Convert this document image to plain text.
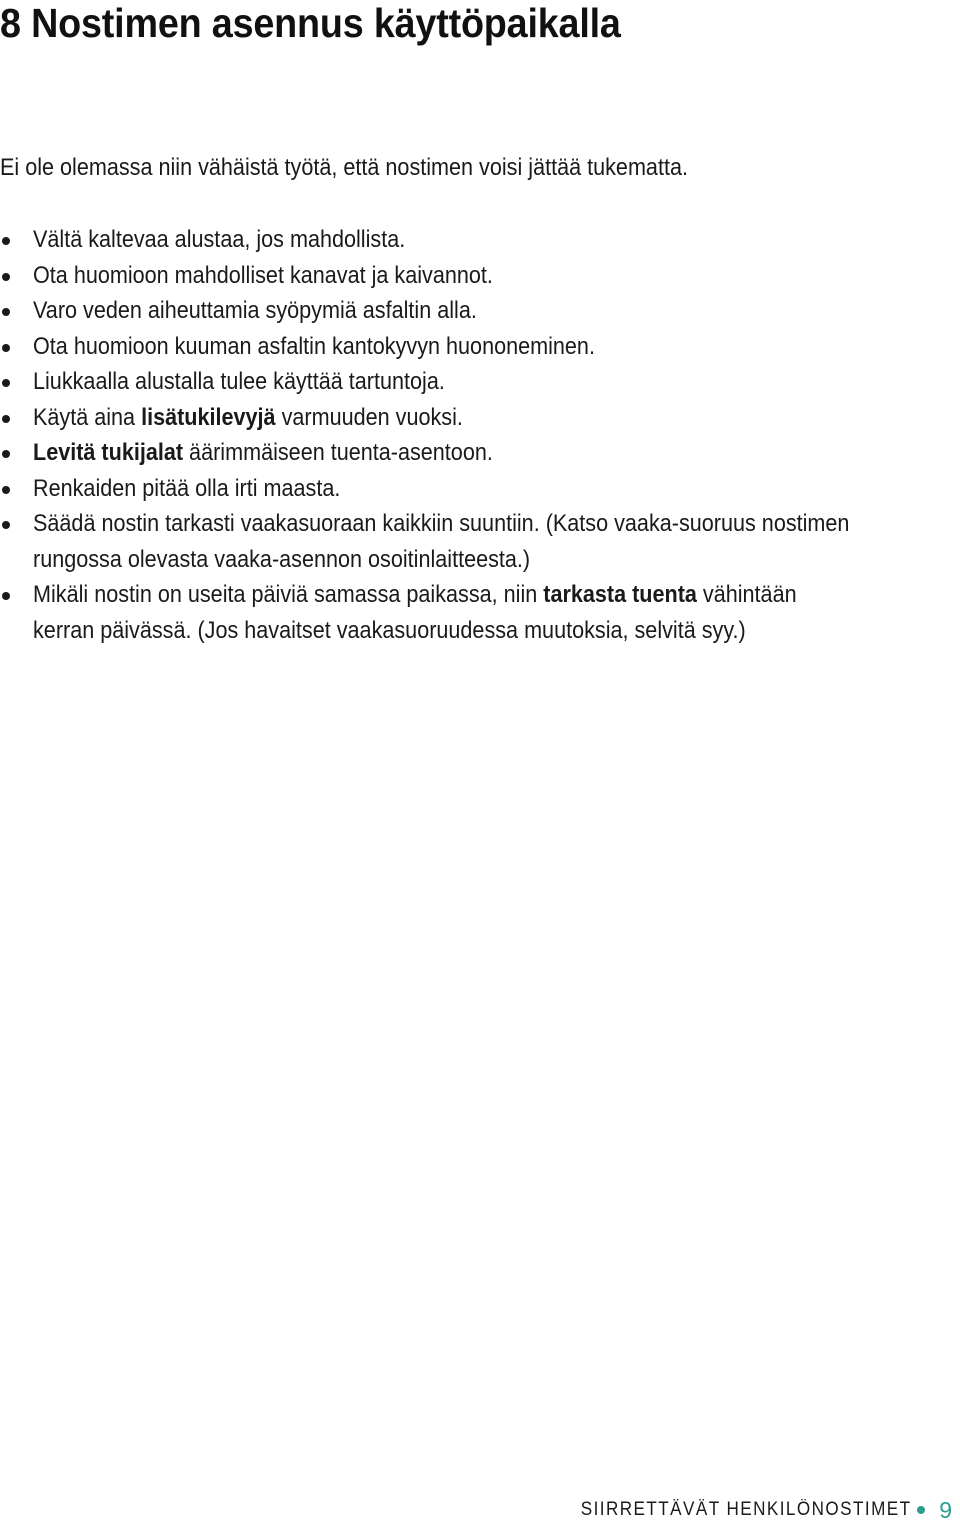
8 Nostimen asennus käyttöpaikalla

Ei ole olemassa niin vähäistä työtä, että nostimen voisi jättää tukematta.

Vältä kaltevaa alustaa, jos mahdollista.
Ota huomioon mahdolliset kanavat ja kaivannot.
Varo veden aiheuttamia syöpymiä asfaltin alla.
Ota huomioon kuuman asfaltin kantokyvyn huononeminen.
Liukkaalla alustalla tulee käyttää tartuntoja.
Käytä aina lisätukilevyjä varmuuden vuoksi.
Levitä tukijalat äärimmäiseen tuenta-asentoon.
Renkaiden pitää olla irti maasta.
Säädä nostin tarkasti vaakasuoraan kaikkiin suuntiin. (Katso vaaka-suoruus nostimen rungossa olevasta vaaka-asennon osoitinlaitteesta.)
Mikäli nostin on useita päiviä samassa paikassa, niin tarkasta tuenta vähintään kerran päivässä. (Jos havaitset vaakasuoruudessa muutoksia, selvitä syy.)
SIIRRETTÄVÄT HENKILÖNOSTIMET 9
